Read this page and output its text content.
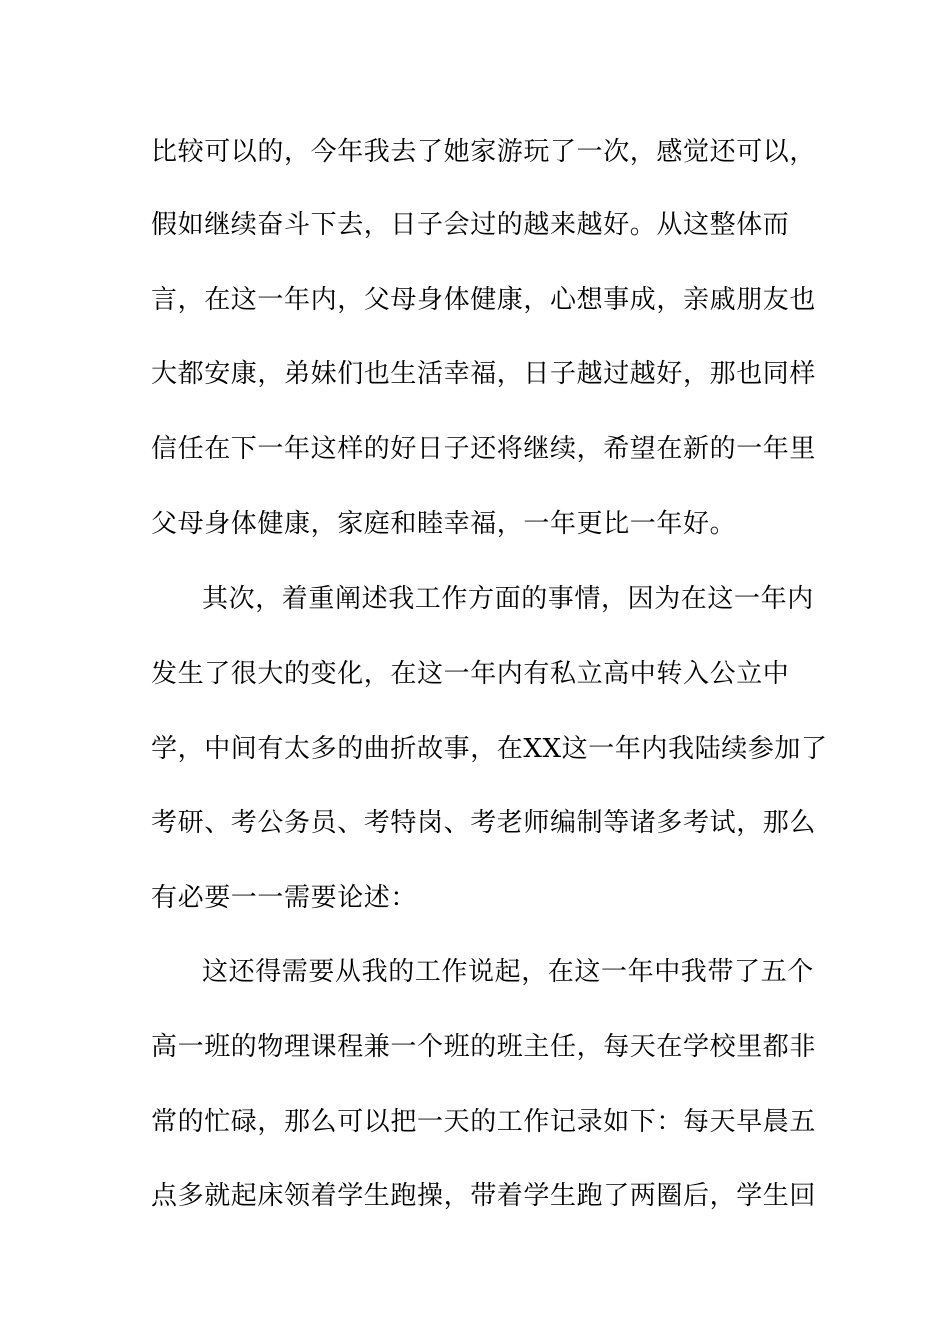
比较可以的，今年我去了她家游玩了一次，感觉还可以，
假如继续奋斗下去，日子会过的越来越好。从这整体而
言，在这一年内，父母身体健康，心想事成，亲戚朋友也
大都安康，弟妹们也生活幸福，日子越过越好，那也同样
信任在下一年这样的好日子还将继续，希望在新的一年里
父母身体健康，家庭和睦幸福，一年更比一年好。
其次，着重阐述我工作方面的事情，因为在这一年内
发生了很大的变化，在这一年内有私立高中转入公立中
学，中间有太多的曲折故事，在XX这一年内我陆续参加了
考研、考公务员、考特岗、考老师编制等诸多考试，那么
有必要一一需要论述：
这还得需要从我的工作说起，在这一年中我带了五个
高一班的物理课程兼一个班的班主任，每天在学校里都非
常的忙碌，那么可以把一天的工作记录如下：每天早晨五
点多就起床领着学生跑操，带着学生跑了两圈后，学生回
